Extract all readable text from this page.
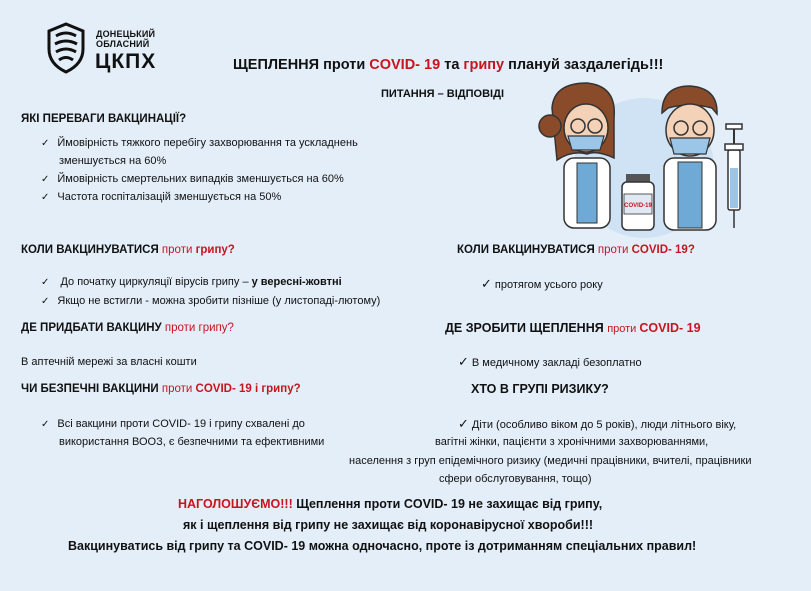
ДОНЕЦЬКИЙ
ОБЛАСНИЙ
ЦКПХ	ЩЕПЛЕННЯ проти COVID- 19 та грипу плануй заздалегідь!!!
ПИТАННЯ – ВІДПОВІДІ
COVID-19
ЯКІ ПЕРЕВАГИ ВАКЦИНАЦІЇ?
✓ Ймовірність тяжкого перебігу захворювання та ускладнень
зменшується на 60%
✓ Ймовірність смертельних випадків зменшується на 60%
✓ Частота госпіталізацій зменшується на 50%
КОЛИ ВАКЦИНУВАТИСЯ проти грипу?
✓ До початку циркуляції вірусів грипу – у вересні-жовтні
✓ Якщо не встигли - можна зробити пізніше (у листопаді-лютому)
КОЛИ ВАКЦИНУВАТИСЯ проти COVID- 19?
✓ протягом усього року
ДЕ ПРИДБАТИ ВАКЦИНУ проти грипу?
В аптечній мережі за власні кошти
ДЕ ЗРОБИТИ ЩЕПЛЕННЯ проти COVID- 19
✓ В медичному закладі безоплатно
ЧИ БЕЗПЕЧНІ ВАКЦИНИ проти COVID- 19 і грипу?
✓ Всі вакцини проти COVID- 19 і грипу схвалені до
використання ВООЗ, є безпечними та ефективними
ХТО В ГРУПІ РИЗИКУ?
✓ Діти (особливо віком до 5 років), люди літнього віку,
вагітні жінки, пацієнти з хронічними захворюваннями,
населення з груп епідемічного ризику (медичні працівники, вчителі, працівники
сфери обслуговування, тощо)
НАГОЛОШУЄМО!!! Щеплення проти COVID- 19 не захищає від грипу,
як і щеплення від грипу не захищає від коронавірусної хвороби!!!
Вакцинуватись від грипу та COVID- 19 можна одночасно, проте із дотриманням спеціальних правил!
